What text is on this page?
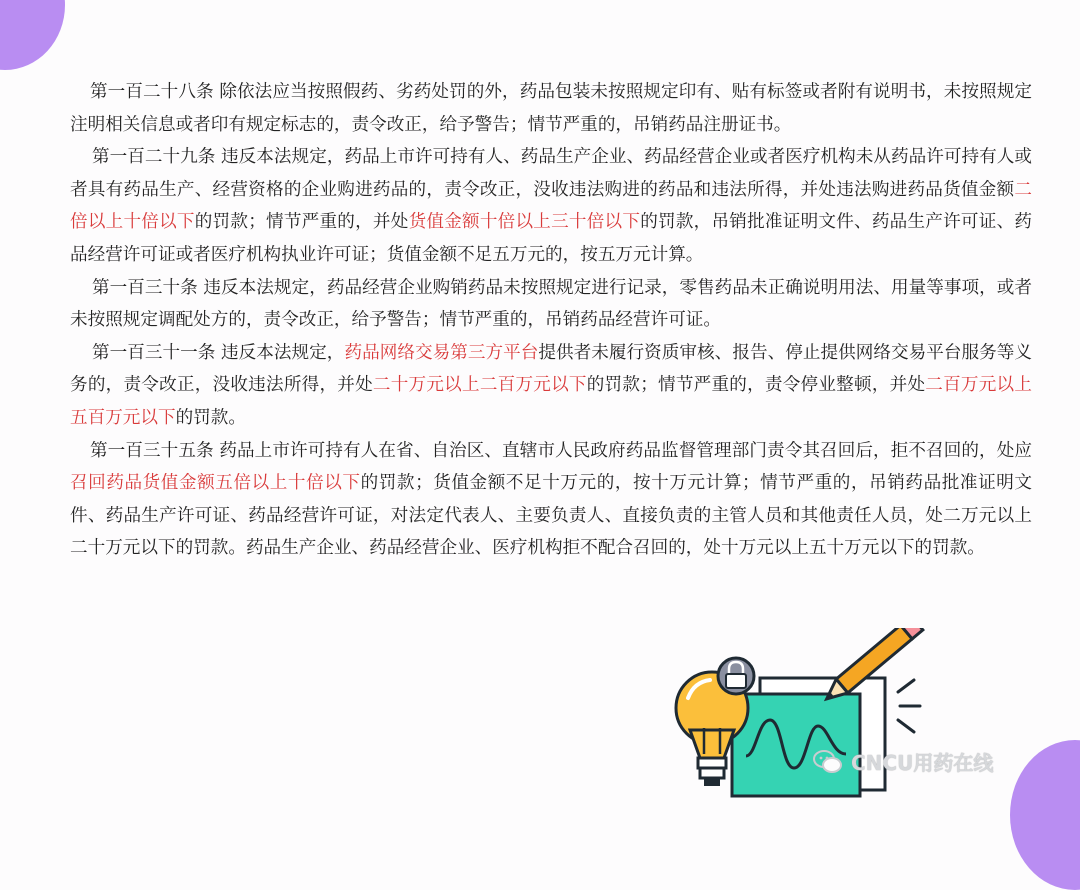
第一百二十八条 除依法应当按照假药、劣药处罚的外，药品包装未按照规定印有、贴有标签或者附有说明书，未按照规定注明相关信息或者印有规定标志的，责令改正，给予警告；情节严重的，吊销药品注册证书。

第一百二十九条 违反本法规定，药品上市许可持有人、药品生产企业、药品经营企业或者医疗机构未从药品许可持有人或者具有药品生产、经营资格的企业购进药品的，责令改正，没收违法购进的药品和违法所得，并处违法购进药品货值金额二倍以上十倍以下的罚款；情节严重的，并处货值金额十倍以上三十倍以下的罚款，吊销批准证明文件、药品生产许可证、药品经营许可证或者医疗机构执业许可证；货值金额不足五万元的，按五万元计算。

第一百三十条 违反本法规定，药品经营企业购销药品未按照规定进行记录，零售药品未正确说明用法、用量等事项，或者未按照规定调配处方的，责令改正，给予警告；情节严重的，吊销药品经营许可证。

第一百三十一条 违反本法规定，药品网络交易第三方平台提供者未履行资质审核、报告、停止提供网络交易平台服务等义务的，责令改正，没收违法所得，并处二十万元以上二百万元以下的罚款；情节严重的，责令停业整顿，并处二百万元以上五百万元以下的罚款。

第一百三十五条 药品上市许可持有人在省、自治区、直辖市人民政府药品监督管理部门责令其召回后，拒不召回的，处应召回药品货值金额五倍以上十倍以下的罚款；货值金额不足十万元的，按十万元计算；情节严重的，吊销药品批准证明文件、药品生产许可证、药品经营许可证，对法定代表人、主要负责人、直接负责的主管人员和其他责任人员，处二万元以上二十万元以下的罚款。药品生产企业、药品经营企业、医疗机构拒不配合召回的，处十万元以上五十万元以下的罚款。

CNCU用药在线
